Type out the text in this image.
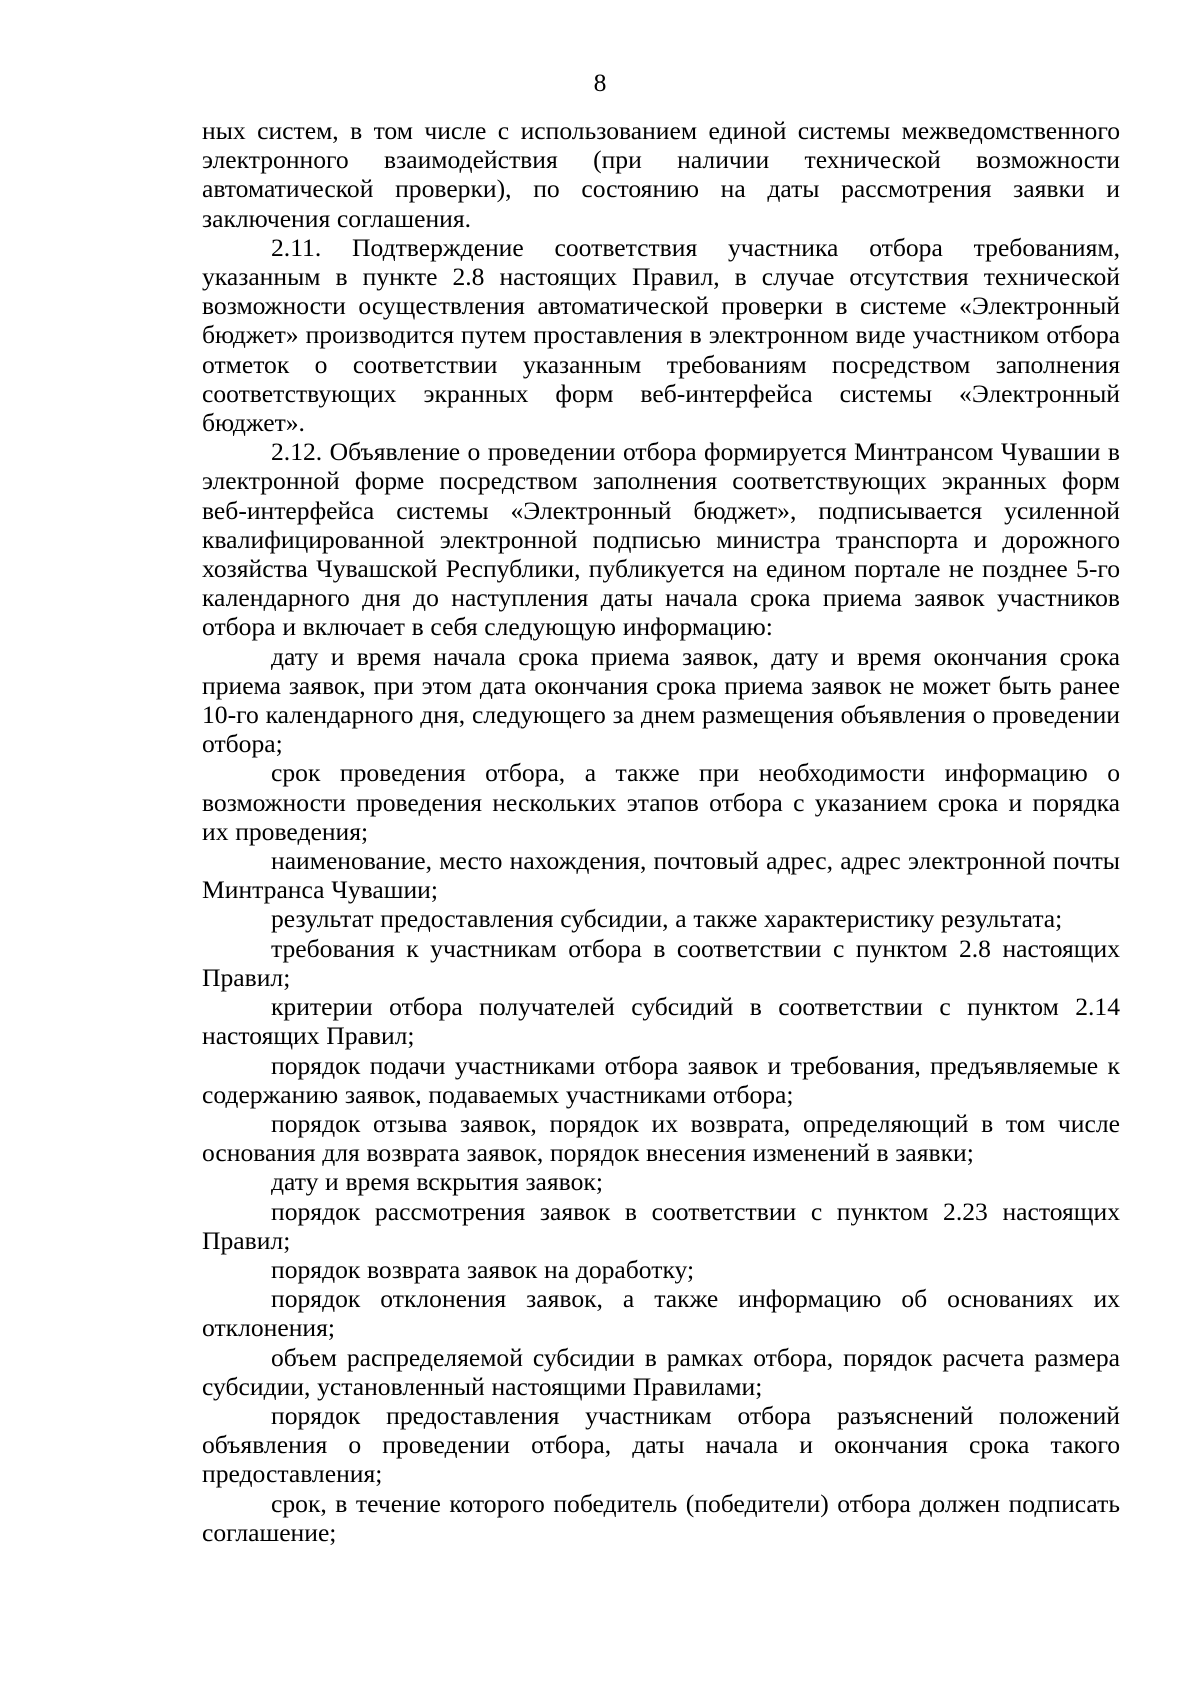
8

ных систем, в том числе с использованием единой системы межведомственного электронного взаимодействия (при наличии технической возможности автоматической проверки), по состоянию на даты рассмотрения заявки и заключения соглашения.

2.11. Подтверждение соответствия участника отбора требованиям, указанным в пункте 2.8 настоящих Правил, в случае отсутствия технической возможности осуществления автоматической проверки в системе «Электронный бюджет» производится путем проставления в электронном виде участником отбора отметок о соответствии указанным требованиям посредством заполнения соответствующих экранных форм веб-интерфейса системы «Электронный бюджет».

2.12. Объявление о проведении отбора формируется Минтрансом Чувашии в электронной форме посредством заполнения соответствующих экранных форм веб-интерфейса системы «Электронный бюджет», подписывается усиленной квалифицированной электронной подписью министра транспорта и дорожного хозяйства Чувашской Республики, публикуется на едином портале не позднее 5-го календарного дня до наступления даты начала срока приема заявок участников отбора и включает в себя следующую информацию:

дату и время начала срока приема заявок, дату и время окончания срока приема заявок, при этом дата окончания срока приема заявок не может быть ранее 10-го календарного дня, следующего за днем размещения объявления о проведении отбора;

срок проведения отбора, а также при необходимости информацию о возможности проведения нескольких этапов отбора с указанием срока и порядка их проведения;

наименование, место нахождения, почтовый адрес, адрес электронной почты Минтранса Чувашии;

результат предоставления субсидии, а также характеристику результата;

требования к участникам отбора в соответствии с пунктом 2.8 настоящих Правил;

критерии отбора получателей субсидий в соответствии с пунктом 2.14 настоящих Правил;

порядок подачи участниками отбора заявок и требования, предъявляемые к содержанию заявок, подаваемых участниками отбора;

порядок отзыва заявок, порядок их возврата, определяющий в том числе основания для возврата заявок, порядок внесения изменений в заявки;

дату и время вскрытия заявок;

порядок рассмотрения заявок в соответствии с пунктом 2.23 настоящих Правил;

порядок возврата заявок на доработку;

порядок отклонения заявок, а также информацию об основаниях их отклонения;

объем распределяемой субсидии в рамках отбора, порядок расчета размера субсидии, установленный настоящими Правилами;

порядок предоставления участникам отбора разъяснений положений объявления о проведении отбора, даты начала и окончания срока такого предоставления;

срок, в течение которого победитель (победители) отбора должен подписать соглашение;
